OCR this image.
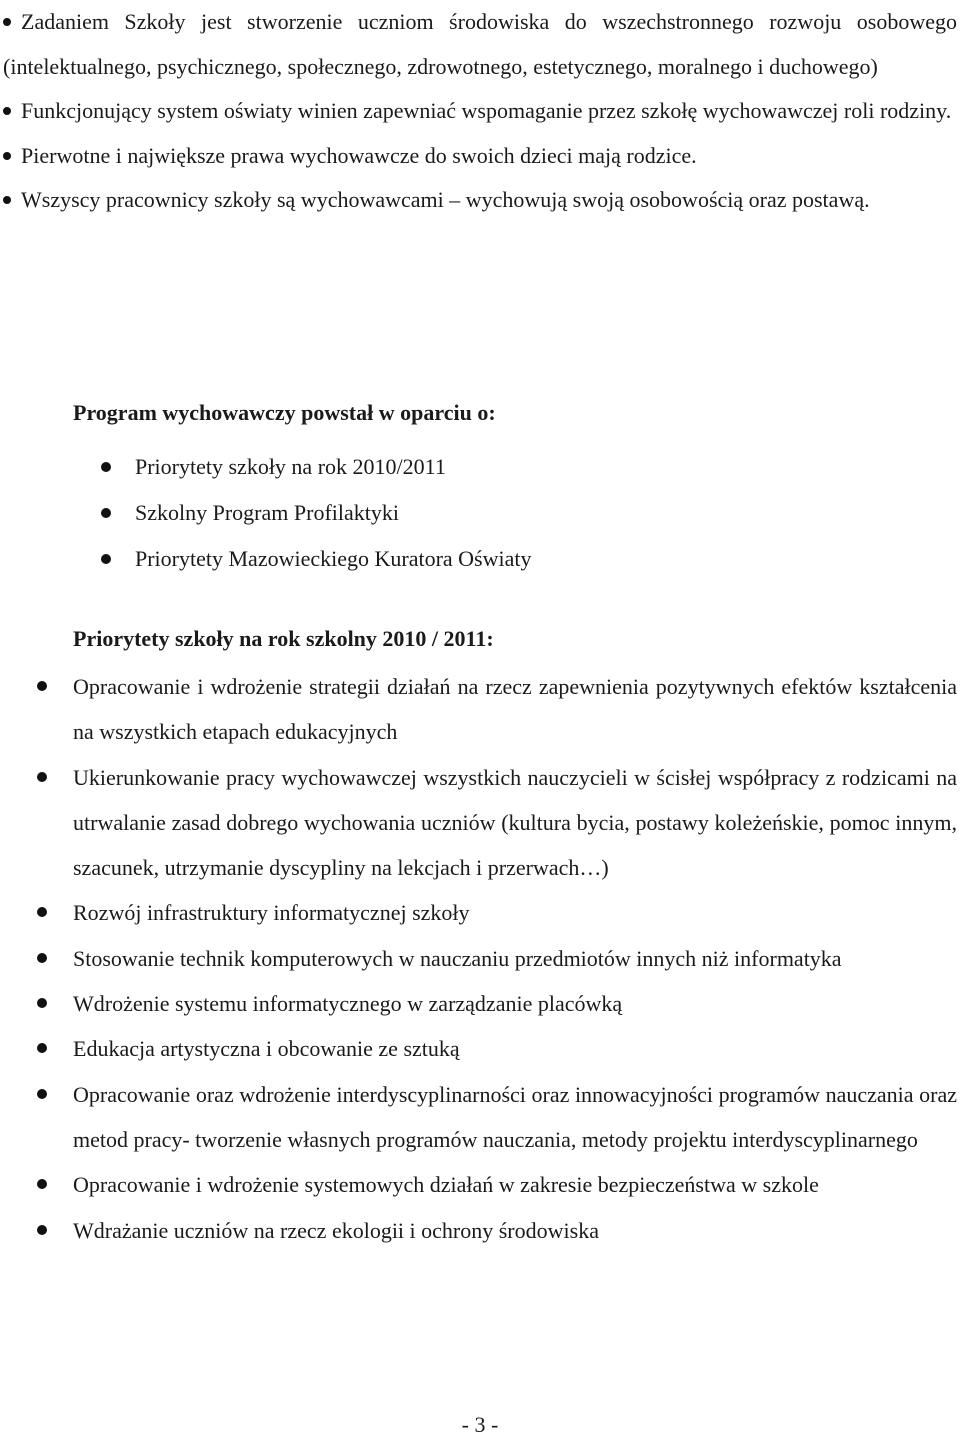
Zadaniem Szkoły jest stworzenie uczniom środowiska do wszechstronnego rozwoju osobowego (intelektualnego, psychicznego, społecznego, zdrowotnego, estetycznego, moralnego i duchowego)
Funkcjonujący system oświaty winien zapewniać wspomaganie przez szkołę wychowawczej roli rodziny.
Pierwotne i największe prawa wychowawcze do swoich dzieci mają rodzice.
Wszyscy pracownicy szkoły są wychowawcami – wychowują swoją osobowością oraz postawą.
Program wychowawczy powstał w oparciu o:
Priorytety szkoły na rok 2010/2011
Szkolny Program Profilaktyki
Priorytety Mazowieckiego Kuratora Oświaty
Priorytety szkoły na rok szkolny 2010 / 2011:
Opracowanie i wdrożenie strategii działań na rzecz zapewnienia pozytywnych efektów kształcenia na wszystkich etapach edukacyjnych
Ukierunkowanie pracy wychowawczej wszystkich nauczycieli w ścisłej współpracy z rodzicami na utrwalanie zasad dobrego wychowania uczniów (kultura bycia, postawy koleżeńskie, pomoc innym, szacunek, utrzymanie dyscypliny na lekcjach i przerwach…)
Rozwój infrastruktury informatycznej szkoły
Stosowanie technik komputerowych w nauczaniu przedmiotów innych niż informatyka
Wdrożenie systemu informatycznego w zarządzanie placówką
Edukacja artystyczna i obcowanie ze sztuką
Opracowanie oraz wdrożenie interdyscyplinarności oraz innowacyjności programów nauczania oraz metod pracy- tworzenie własnych programów nauczania, metody projektu interdyscyplinarnego
Opracowanie i wdrożenie systemowych działań w zakresie bezpieczeństwa w szkole
Wdrażanie uczniów na rzecz ekologii i ochrony środowiska
- 3 -
